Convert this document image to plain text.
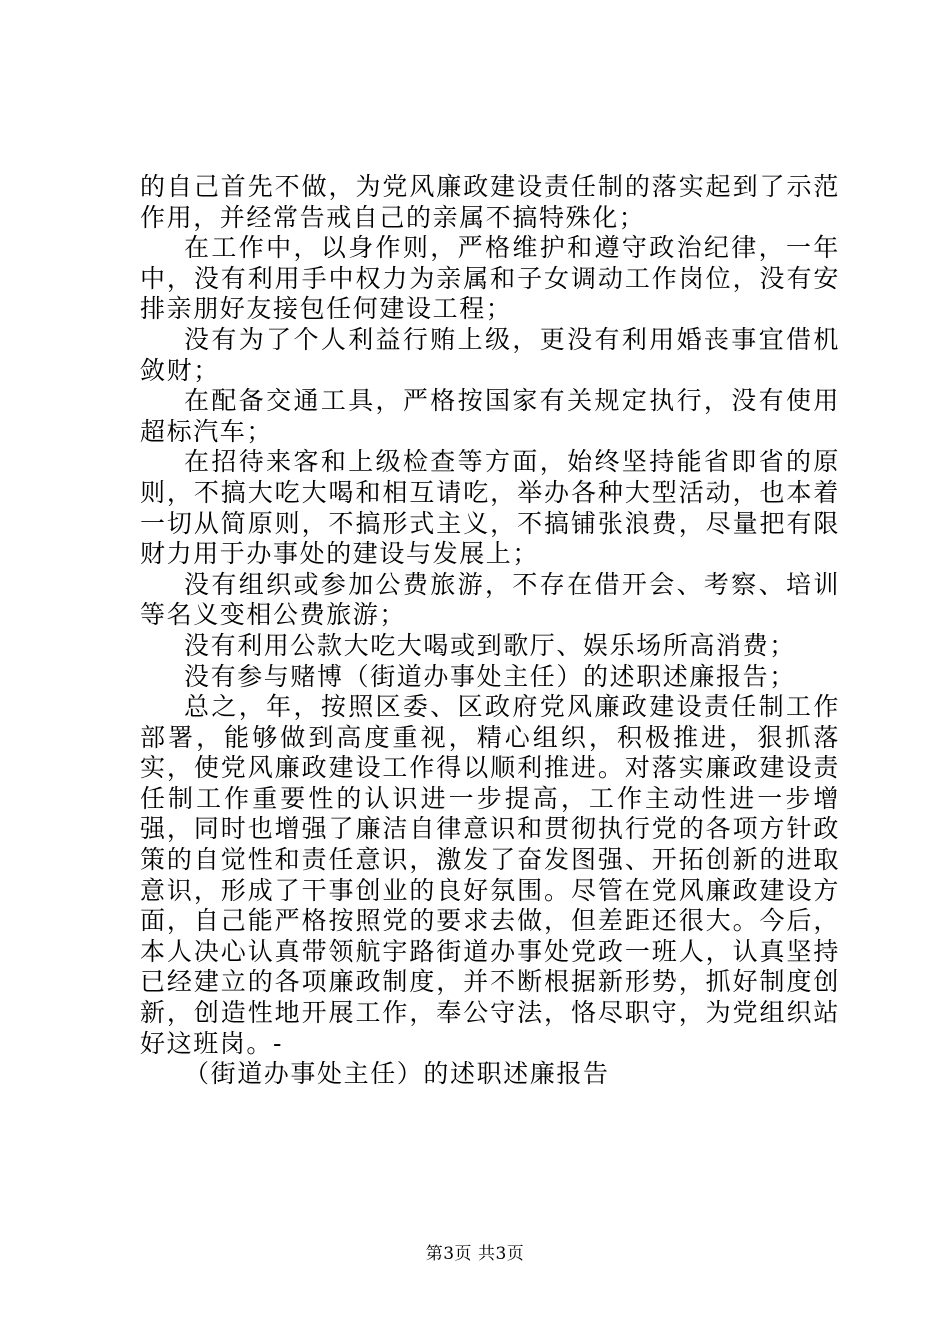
的自己首先不做，为党风廉政建设责任制的落实起到了示范作用，并经常告戒自己的亲属不搞特殊化；

在工作中，以身作则，严格维护和遵守政治纪律，一年中，没有利用手中权力为亲属和子女调动工作岗位，没有安排亲朋好友接包任何建设工程；

没有为了个人利益行贿上级，更没有利用婚丧事宜借机敛财；

在配备交通工具，严格按国家有关规定执行，没有使用超标汽车；

在招待来客和上级检查等方面，始终坚持能省即省的原则，不搞大吃大喝和相互请吃，举办各种大型活动，也本着一切从简原则，不搞形式主义，不搞铺张浪费，尽量把有限财力用于办事处的建设与发展上；

没有组织或参加公费旅游，不存在借开会、考察、培训等名义变相公费旅游；

没有利用公款大吃大喝或到歌厅、娱乐场所高消费；

没有参与赌博（街道办事处主任）的述职述廉报告；

总之，年，按照区委、区政府党风廉政建设责任制工作部署，能够做到高度重视，精心组织，积极推进，狠抓落实，使党风廉政建设工作得以顺利推进。对落实廉政建设责任制工作重要性的认识进一步提高，工作主动性进一步增强，同时也增强了廉洁自律意识和贯彻执行党的各项方针政策的自觉性和责任意识，激发了奋发图强、开拓创新的进取意识，形成了干事创业的良好氛围。尽管在党风廉政建设方面，自己能严格按照党的要求去做，但差距还很大。今后，本人决心认真带领航宇路街道办事处党政一班人，认真坚持已经建立的各项廉政制度，并不断根据新形势，抓好制度创新，创造性地开展工作，奉公守法，恪尽职守，为党组织站好这班岗。-

（街道办事处主任）的述职述廉报告

第3页 共3页
